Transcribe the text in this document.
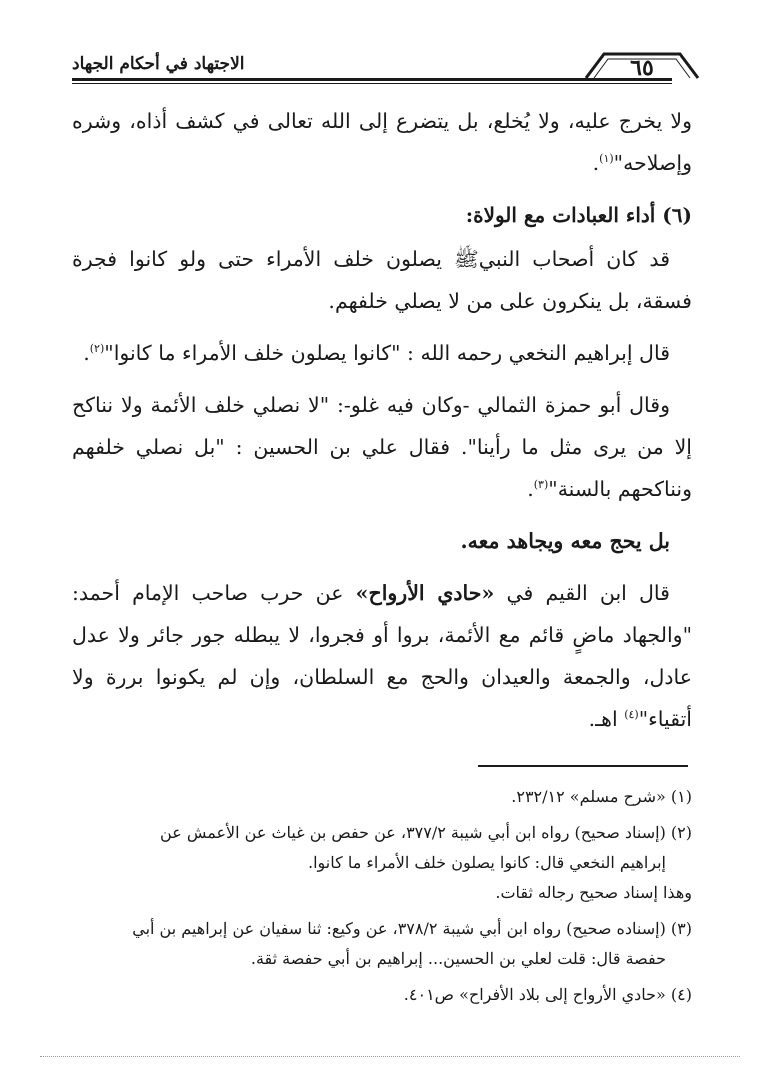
الاجتهاد في أحكام الجهاد	٦٥

ولا يخرج عليه، ولا يُخلع، بل يتضرع إلى الله تعالى في كشف أذاه، وشره وإصلاحه"$^{(١)}$.

(٦) أداء العبادات مع الولاة:

قد كان أصحاب النبيﷺ يصلون خلف الأمراء حتى ولو كانوا فجرة فسقة، بل ينكرون على من لا يصلي خلفهم.

قال إبراهيم النخعي رحمه الله : "كانوا يصلون خلف الأمراء ما كانوا"$^{(٢)}$.

وقال أبو حمزة الثمالي -وكان فيه غلو-: "لا نصلي خلف الأئمة ولا نناكح إلا من يرى مثل ما رأينا". فقال علي بن الحسين : "بل نصلي خلفهم ونناكحهم بالسنة"$^{(٣)}$.

بل يحج معه ويجاهد معه.

قال ابن القيم في «حادي الأرواح» عن حرب صاحب الإمام أحمد: "والجهاد ماضٍ قائم مع الأئمة، بروا أو فجروا، لا يبطله جور جائر ولا عدل عادل، والجمعة والعيدان والحج مع السلطان، وإن لم يكونوا بررة ولا أتقياء"$^{(٤)}$ اهـ.

(١) «شرح مسلم» ٢٣٢/١٢.

(٢) (إسناد صحيح) رواه ابن أبي شيبة ٣٧٧/٢، عن حفص بن غياث عن الأعمش عن
إبراهيم النخعي قال: كانوا يصلون خلف الأمراء ما كانوا.
وهذا إسناد صحيح رجاله ثقات.

(٣) (إسناده صحيح) رواه ابن أبي شيبة ٣٧٨/٢، عن وكيع: ثنا سفيان عن إبراهيم بن أبي
حفصة قال: قلت لعلي بن الحسين... إبراهيم بن أبي حفصة ثقة.

(٤) «حادي الأرواح إلى بلاد الأفراح» ص٤٠١.
